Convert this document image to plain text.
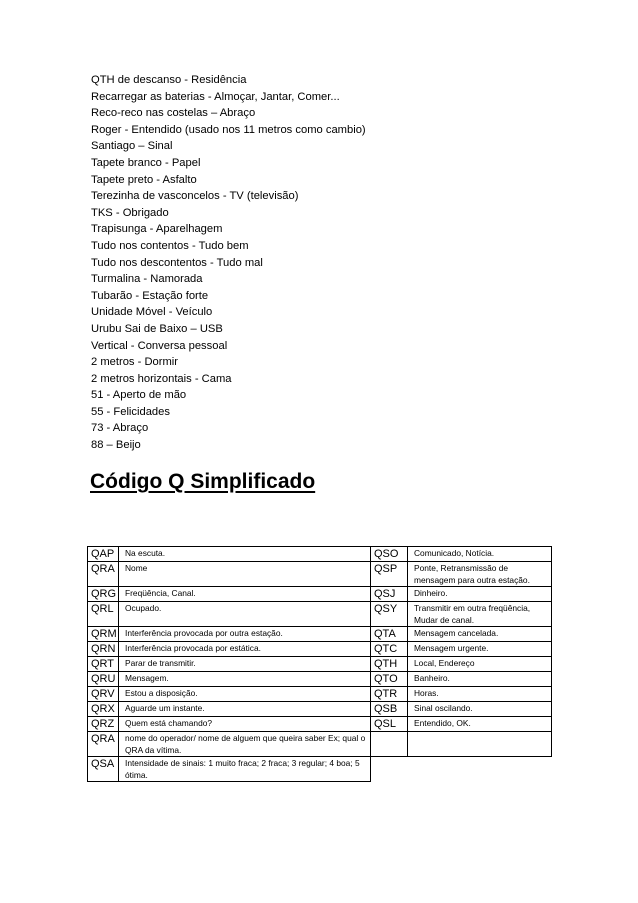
QTH de descanso - Residência
Recarregar as baterias - Almoçar, Jantar, Comer...
Reco-reco nas costelas – Abraço
Roger - Entendido (usado nos 11 metros como cambio)
Santiago – Sinal
Tapete branco - Papel
Tapete preto - Asfalto
Terezinha de vasconcelos - TV (televisão)
TKS - Obrigado
Trapisunga - Aparelhagem
Tudo nos contentos - Tudo bem
Tudo nos descontentos - Tudo mal
Turmalina - Namorada
Tubarão - Estação forte
Unidade Móvel - Veículo
Urubu Sai de Baixo – USB
Vertical - Conversa pessoal
2 metros - Dormir
2 metros horizontais - Cama
51 - Aperto de mão
55 - Felicidades
73 - Abraço
88 – Beijo
Código Q Simplificado
QAP	Na escuta.	QSO	Comunicado, Notícia.
QRA	Nome	QSP	Ponte, Retransmissão de mensagem para outra estação.
QRG	Freqüência, Canal.	QSJ	Dinheiro.
QRL	Ocupado.	QSY	Transmitir em outra freqüência, Mudar de canal.
QRM	Interferência provocada por outra estação.	QTA	Mensagem cancelada.
QRN	Interferência provocada por estática.	QTC	Mensagem urgente.
QRT	Parar de transmitir.	QTH	Local, Endereço
QRU	Mensagem.	QTO	Banheiro.
QRV	Estou a disposição.	QTR	Horas.
QRX	Aguarde um instante.	QSB	Sinal oscilando.
QRZ	Quem está chamando?	QSL	Entendido, OK.
QRA	nome do operador/ nome de alguem que queira saber Ex; qual o QRA da vítima.		
QSA	Intensidade de sinais: 1 muito fraca; 2 fraca; 3 regular; 4 boa; 5 ótima.		
